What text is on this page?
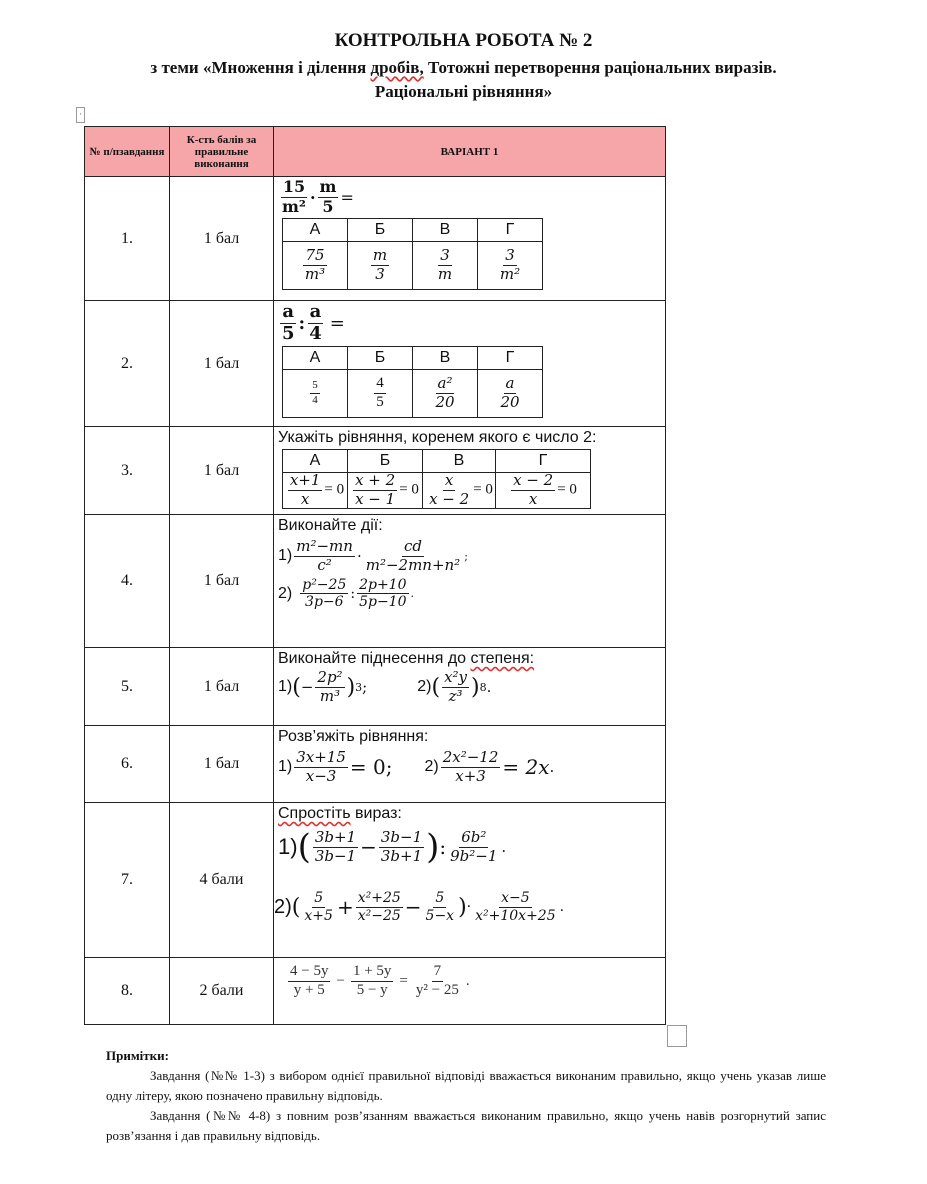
КОНТРОЛЬНА РОБОТА № 2
з теми «Множення і ділення дробів, Тотожні перетворення раціональних виразів.
Раціональні рівняння»
·
№ п/пзавдання	К-сть балів за правильне виконання	ВАРІАНТ 1
1.	1 бал	
$\frac{15}{\text{m²}} \cdot \frac{m}{5}$ =
А	Б	В	Г

$\frac{75}{\text{m³}}$	$\frac{m}{3}$	$\frac{3}{m}$	$\frac{3}{\text{m²}}$

2.	1 бал	
$\frac{a}{5}$ : $\frac{a}{4}$ =
А	Б	В	Г

$\frac{5}{4}$	$\frac{4}{5}$	$\frac{\text{a²}}{20}$	$\frac{a}{20}$

3.	1 бал	
Укажіть рівняння, коренем якого є число 2:
А	Б	В	Г

$\frac{x+1}{x} = 0$	$\frac{x + 2}{x - 1} = 0$	$\frac{x}{x - 2} = 0$	$\frac{x - 2}{x} = 0$

4.	1 бал	
Виконайте дії:
$1) \frac{\text{m²−mn}}{\text{c²}} \cdot \frac{cd}{\text{m²−2mn+n²}}$ ;
$2) \frac{\text{p²−25}}{3p-6}$ : $\frac{2p+10}{5p-10}$ .

5.	1 бал	
Виконайте піднесення до степеня:
1) ( − $\frac{\text{2p²}}{\text{m³}}$ ) 3 ;	2) ( $\frac{\text{x²y}}{\text{z³}}$ ) 8 .

6.	1 бал	
Розв’яжіть рівняння:
$1) \frac{3x+15}{x-3} = 0$; $2) \frac{\text{2x²−12}}{x+3} = 2x$ .

7.	4 бали	
Спростіть вираз:
1) ( $\frac{3b+1}{3b-1} - \frac{3b-1}{3b+1}$ ) : $\frac{\text{6b²}}{\text{9b²−1}}$ .
2) ( $\frac{5}{x+5} + \frac{\text{x²+25}}{\text{x²−25}} - \frac{5}{5-x}$ ) · $\frac{x-5}{\text{x²+10x+25}}$ .

8.	2 бали	$\frac{4 - 5y}{y + 5} - \frac{1 + 5y}{5 - y} = \frac{7}{\text{y² − 25}}$ .
Примітки:

Завдання (№№ 1-3) з вибором однієї правильної відповіді вважається виконаним правильно, якщо учень указав лише одну літеру, якою позначено правильну відповідь.

Завдання (№№ 4-8) з повним розв’язанням вважається виконаним правильно, якщо учень навів розгорнутий запис розв’язання і дав правильну відповідь.
